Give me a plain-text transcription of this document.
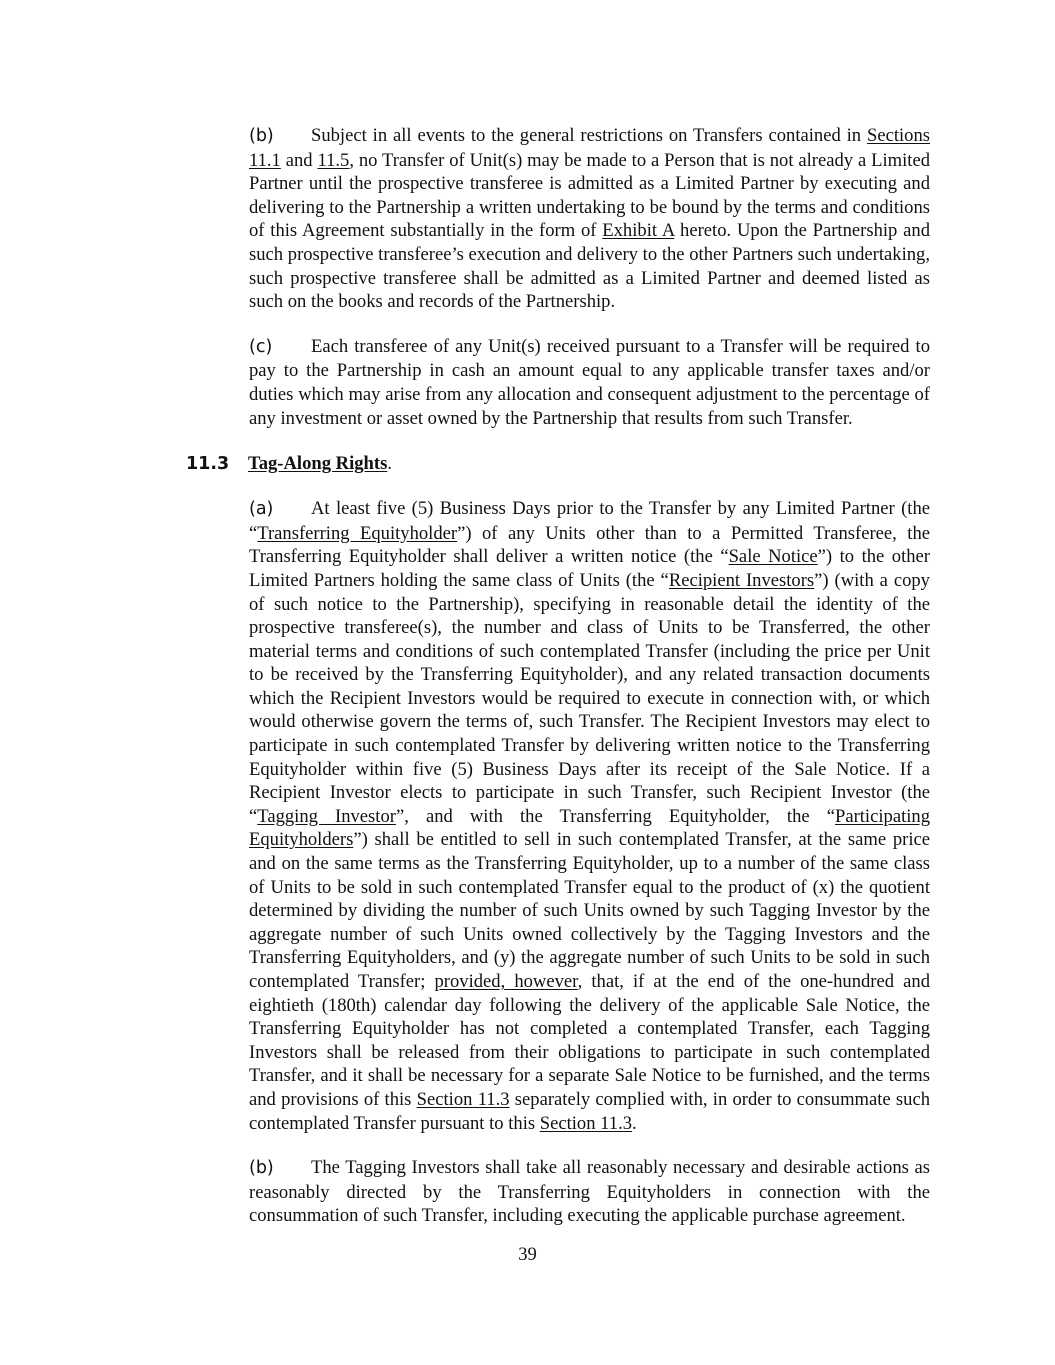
(b) Subject in all events to the general restrictions on Transfers contained in Sections 11.1 and 11.5, no Transfer of Unit(s) may be made to a Person that is not already a Limited Partner until the prospective transferee is admitted as a Limited Partner by executing and delivering to the Partnership a written undertaking to be bound by the terms and conditions of this Agreement substantially in the form of Exhibit A hereto. Upon the Partnership and such prospective transferee’s execution and delivery to the other Partners such undertaking, such prospective transferee shall be admitted as a Limited Partner and deemed listed as such on the books and records of the Partnership.

(c) Each transferee of any Unit(s) received pursuant to a Transfer will be required to pay to the Partnership in cash an amount equal to any applicable transfer taxes and/or duties which may arise from any allocation and consequent adjustment to the percentage of any investment or asset owned by the Partnership that results from such Transfer.

11.3 Tag-Along Rights.

(a) At least five (5) Business Days prior to the Transfer by any Limited Partner (the “Transferring Equityholder”) of any Units other than to a Permitted Transferee, the Transferring Equityholder shall deliver a written notice (the “Sale Notice”) to the other Limited Partners holding the same class of Units (the “Recipient Investors”) (with a copy of such notice to the Partnership), specifying in reasonable detail the identity of the prospective transferee(s), the number and class of Units to be Transferred, the other material terms and conditions of such contemplated Transfer (including the price per Unit to be received by the Transferring Equityholder), and any related transaction documents which the Recipient Investors would be required to execute in connection with, or which would otherwise govern the terms of, such Transfer. The Recipient Investors may elect to participate in such contemplated Transfer by delivering written notice to the Transferring Equityholder within five (5) Business Days after its receipt of the Sale Notice. If a Recipient Investor elects to participate in such Transfer, such Recipient Investor (the “Tagging Investor”, and with the Transferring Equityholder, the “Participating Equityholders”) shall be entitled to sell in such contemplated Transfer, at the same price and on the same terms as the Transferring Equityholder, up to a number of the same class of Units to be sold in such contemplated Transfer equal to the product of (x) the quotient determined by dividing the number of such Units owned by such Tagging Investor by the aggregate number of such Units owned collectively by the Tagging Investors and the Transferring Equityholders, and (y) the aggregate number of such Units to be sold in such contemplated Transfer; provided, however, that, if at the end of the one-hundred and eightieth (180th) calendar day following the delivery of the applicable Sale Notice, the Transferring Equityholder has not completed a contemplated Transfer, each Tagging Investors shall be released from their obligations to participate in such contemplated Transfer, and it shall be necessary for a separate Sale Notice to be furnished, and the terms and provisions of this Section 11.3 separately complied with, in order to consummate such contemplated Transfer pursuant to this Section 11.3.

(b) The Tagging Investors shall take all reasonably necessary and desirable actions as reasonably directed by the Transferring Equityholders in connection with the consummation of such Transfer, including executing the applicable purchase agreement.

39
